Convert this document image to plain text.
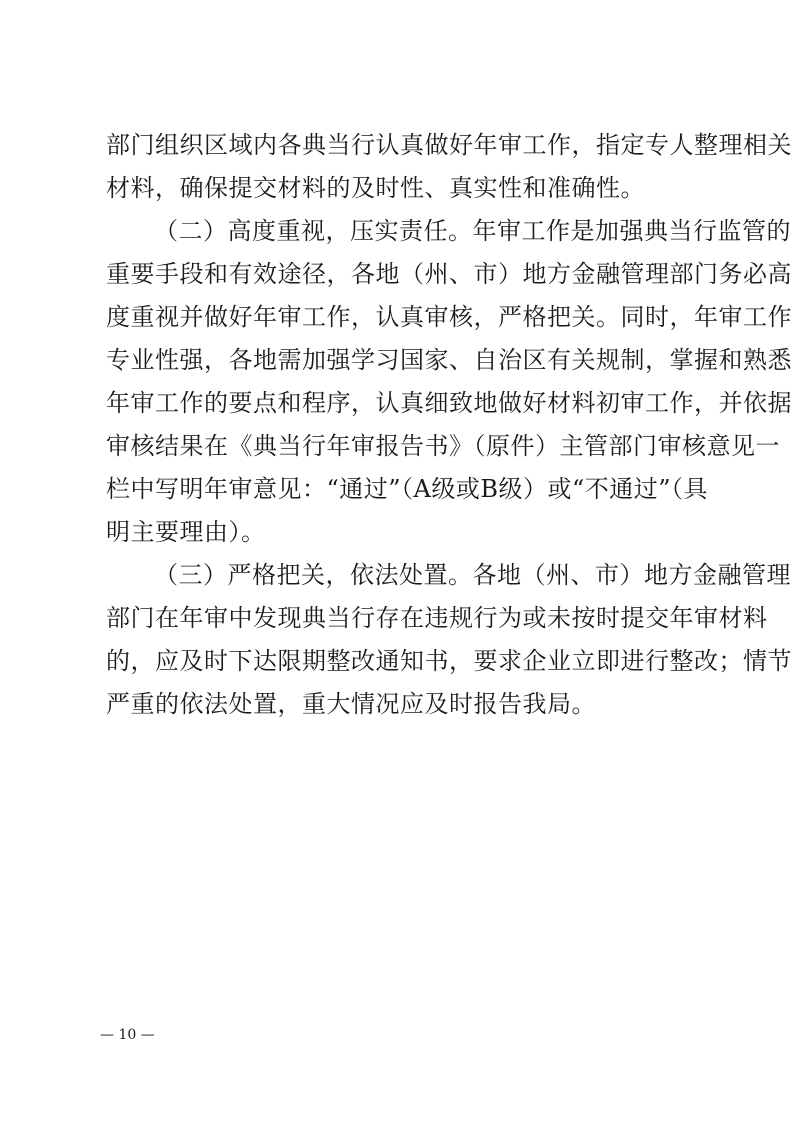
部门组织区域内各典当行认真做好年审工作，指定专人整理相关
材料，确保提交材料的及时性、真实性和准确性。
（二）高度重视，压实责任。年审工作是加强典当行监管的
重要手段和有效途径，各地（州、市）地方金融管理部门务必高
度重视并做好年审工作，认真审核，严格把关。同时，年审工作
专业性强，各地需加强学习国家、自治区有关规制，掌握和熟悉
年审工作的要点和程序，认真细致地做好材料初审工作，并依据
审核结果在《典当行年审报告书》（原件）主管部门审核意见一
栏中写明年审意见：“通过”（A级或B级）或“不通过”（具
明主要理由）。
（三）严格把关，依法处置。各地（州、市）地方金融管理
部门在年审中发现典当行存在违规行为或未按时提交年审材料
的，应及时下达限期整改通知书，要求企业立即进行整改；情节
严重的依法处置，重大情况应及时报告我局。
— 10 —
